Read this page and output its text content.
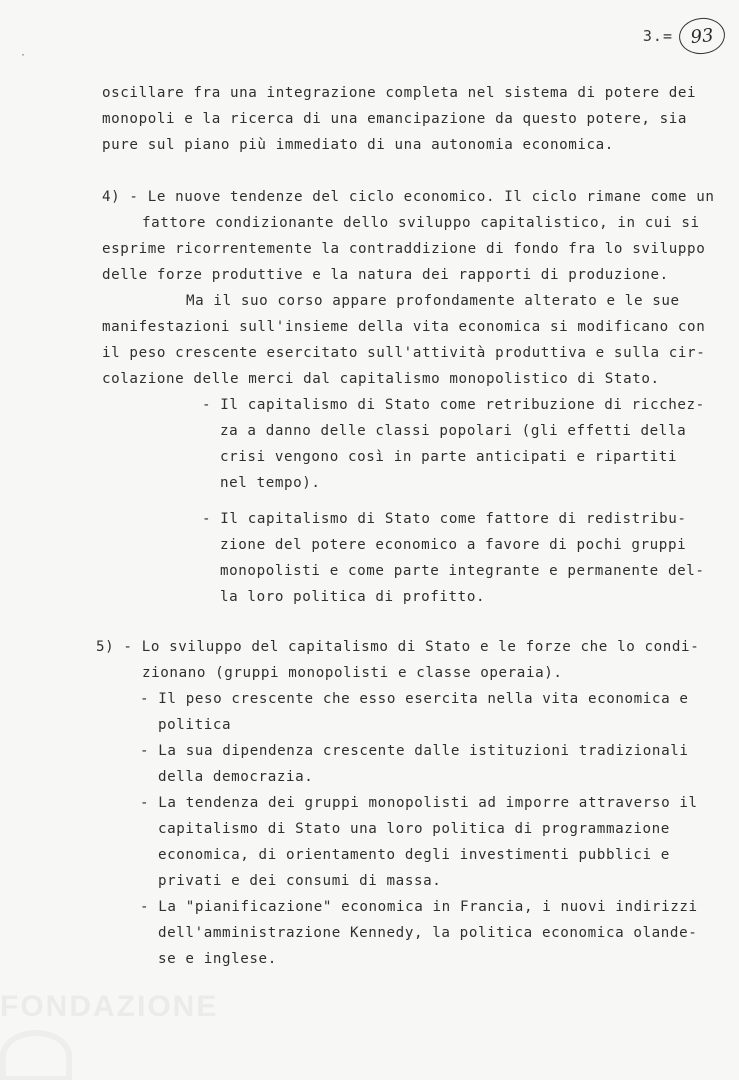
3.= 93
·
oscillare fra una integrazione completa nel sistema di potere dei
monopoli e la ricerca di una emancipazione da questo potere, sia
pure sul piano più immediato di una autonomia economica.
4) - Le nuove tendenze del ciclo economico. Il ciclo rimane come un
fattore condizionante dello sviluppo capitalistico, in cui si
esprime ricorrentemente la contraddizione di fondo fra lo sviluppo
delle forze produttive e la natura dei rapporti di produzione.
Ma il suo corso appare profondamente alterato e le sue
manifestazioni sull'insieme della vita economica si modificano con
il peso crescente esercitato sull'attività produttiva e sulla cir-
colazione delle merci dal capitalismo monopolistico di Stato.
- Il capitalismo di Stato come retribuzione di ricchez-
za a danno delle classi popolari (gli effetti della
crisi vengono così in parte anticipati e ripartiti
nel tempo).
- Il capitalismo di Stato come fattore di redistribu-
zione del potere economico a favore di pochi gruppi
monopolisti e come parte integrante e permanente del-
la loro politica di profitto.
5) - Lo sviluppo del capitalismo di Stato e le forze che lo condi-
zionano (gruppi monopolisti e classe operaia).
- Il peso crescente che esso esercita nella vita economica e
politica
- La sua dipendenza crescente dalle istituzioni tradizionali
della democrazia.
- La tendenza dei gruppi monopolisti ad imporre attraverso il
capitalismo di Stato una loro politica di programmazione
economica, di orientamento degli investimenti pubblici e
privati e dei consumi di massa.
- La "pianificazione" economica in Francia, i nuovi indirizzi
dell'amministrazione Kennedy, la politica economica olande-
se e inglese.
FONDAZIONE
